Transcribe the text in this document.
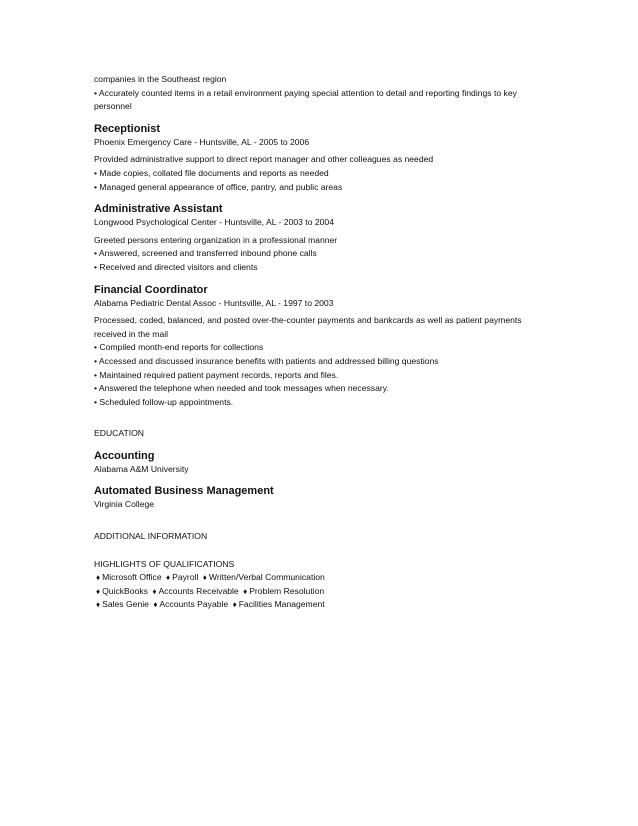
companies in the Southeast region
• Accurately counted items in a retail environment paying special attention to detail and reporting findings to key personnel
Receptionist
Phoenix Emergency Care - Huntsville, AL - 2005 to 2006
Provided administrative support to direct report manager and other colleagues as needed
• Made copies, collated file documents and reports as needed
• Managed general appearance of office, pantry, and public areas
Administrative Assistant
Longwood Psychological Center - Huntsville, AL - 2003 to 2004
Greeted persons entering organization in a professional manner
• Answered, screened and transferred inbound phone calls
• Received and directed visitors and clients
Financial Coordinator
Alabama Pediatric Dental Assoc - Huntsville, AL - 1997 to 2003
Processed, coded, balanced, and posted over-the-counter payments and bankcards as well as patient payments received in the mail
• Compiled month-end reports for collections
• Accessed and discussed insurance benefits with patients and addressed billing questions
• Maintained required patient payment records, reports and files.
• Answered the telephone when needed and took messages when necessary.
• Scheduled follow-up appointments.
EDUCATION
Accounting
Alabama A&M University
Automated Business Management
Virginia College
ADDITIONAL INFORMATION
HIGHLIGHTS OF QUALIFICATIONS
♦ Microsoft Office ♦ Payroll ♦ Written/Verbal Communication
♦ QuickBooks ♦ Accounts Receivable ♦ Problem Resolution
♦ Sales Genie ♦ Accounts Payable ♦ Facilities Management
